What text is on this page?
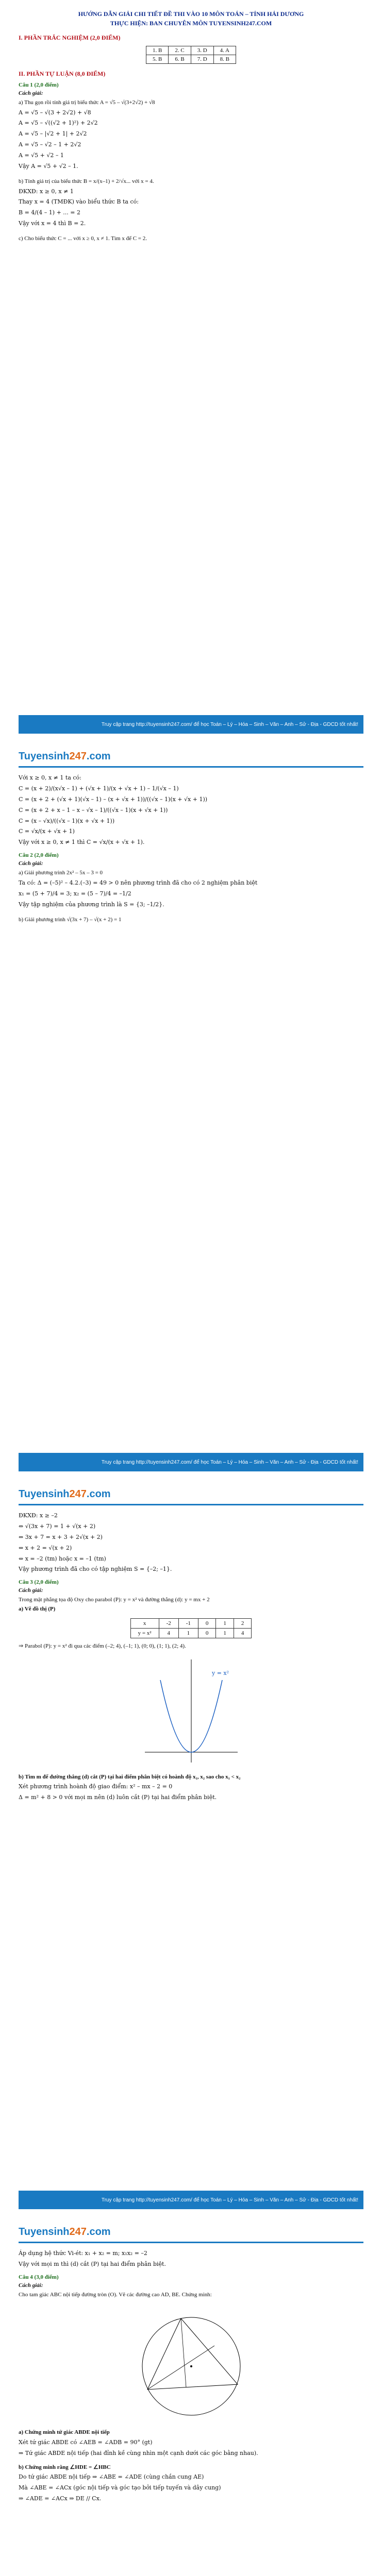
HƯỚNG DẪN GIẢI CHI TIẾT ĐỀ THI VÀO 10 MÔN TOÁN – TỈNH HẢI DƯƠNG
THỰC HIỆN: BAN CHUYÊN MÔN TUYENSINH247.COM
I. PHẦN TRẮC NGHIỆM (2,0 ĐIỂM)
1. B	2. C	3. D	4. A
5. B	6. B	7. D	8. B
II. PHẦN TỰ LUẬN (8,0 ĐIỂM)
Câu 1 (2,0 điểm)
Cách giải:
a) Thu gọn rồi tính giá trị biểu thức A = √5 – √(3+2√2) + √8
A = √5 – √(3 + 2√2) + √8
A = √5 – √((√2 + 1)²) + 2√2
A = √5 – |√2 + 1| + 2√2
A = √5 – √2 – 1 + 2√2
A = √5 + √2 – 1
Vậy A = √5 + √2 – 1.
b) Tính giá trị của biểu thức B = x/(x–1) + 2/√x... với x = 4.
ĐKXĐ: x ≥ 0, x ≠ 1
Thay x = 4 (TMĐK) vào biểu thức B ta có:
B = 4/(4 – 1) + ... = 2
Vậy với x = 4 thì B = 2.
c) Cho biểu thức C = ... với x ≥ 0, x ≠ 1. Tìm x để C = 2.
Truy cập trang http://tuyensinh247.com/ để học Toán – Lý – Hóa – Sinh – Văn – Anh – Sử - Địa - GDCD tốt nhất!
Tuyensinh247.com
Với x ≥ 0, x ≠ 1 ta có:
C = (x + 2)/(x√x – 1) + (√x + 1)/(x + √x + 1) – 1/(√x – 1)
C = (x + 2 + (√x + 1)(√x – 1) – (x + √x + 1))/((√x – 1)(x + √x + 1))
C = (x + 2 + x – 1 – x – √x – 1)/((√x – 1)(x + √x + 1))
C = (x – √x)/((√x – 1)(x + √x + 1))
C = √x/(x + √x + 1)
Vậy với x ≥ 0, x ≠ 1 thì C = √x/(x + √x + 1).
Câu 2 (2,0 điểm)
Cách giải:
a) Giải phương trình 2x² – 5x – 3 = 0
Ta có: Δ = (–5)² – 4.2.(–3) = 49 > 0 nên phương trình đã cho có 2 nghiệm phân biệt
x₁ = (5 + 7)/4 = 3; x₂ = (5 – 7)/4 = –1/2
Vậy tập nghiệm của phương trình là S = {3; –1/2}.
b) Giải phương trình √(3x + 7) – √(x + 2) = 1
Truy cập trang http://tuyensinh247.com/ để học Toán – Lý – Hóa – Sinh – Văn – Anh – Sử - Địa - GDCD tốt nhất!
Tuyensinh247.com
ĐKXĐ: x ≥ –2
⇔ √(3x + 7) = 1 + √(x + 2)
⇔ 3x + 7 = x + 3 + 2√(x + 2)
⇔ x + 2 = √(x + 2)
⇔ x = –2 (tm) hoặc x = –1 (tm)
Vậy phương trình đã cho có tập nghiệm S = {–2; –1}.
Câu 3 (2,0 điểm)
Cách giải:
Trong mặt phẳng tọa độ Oxy cho parabol (P): y = x² và đường thẳng (d): y = mx + 2
a) Vẽ đồ thị (P)
x	-2	-1	0	1	2
y = x²	4	1	0	1	4
⇒ Parabol (P): y = x² đi qua các điểm (–2; 4), (–1; 1), (0; 0), (1; 1), (2; 4).
y = x²
b) Tìm m để đường thẳng (d) cắt (P) tại hai điểm phân biệt có hoành độ x₁, x₂ sao cho x₁ < x₂
Xét phương trình hoành độ giao điểm: x² – mx – 2 = 0
Δ = m² + 8 > 0 với mọi m nên (d) luôn cắt (P) tại hai điểm phân biệt.
Truy cập trang http://tuyensinh247.com/ để học Toán – Lý – Hóa – Sinh – Văn – Anh – Sử - Địa - GDCD tốt nhất!
Tuyensinh247.com
Áp dụng hệ thức Vi-ét: x₁ + x₂ = m; x₁x₂ = –2
Vậy với mọi m thì (d) cắt (P) tại hai điểm phân biệt.
Câu 4 (3,0 điểm)
Cách giải:
Cho tam giác ABC nội tiếp đường tròn (O). Vẽ các đường cao AD, BE. Chứng minh:
a) Chứng minh tứ giác ABDE nội tiếp
Xét tứ giác ABDE có ∠AEB = ∠ADB = 90° (gt)
⇒ Tứ giác ABDE nội tiếp (hai đỉnh kề cùng nhìn một cạnh dưới các góc bằng nhau).
b) Chứng minh rằng ∠HDE = ∠HBC
Do tứ giác ABDE nội tiếp ⇒ ∠ABE = ∠ADE (cùng chắn cung AE)
Mà ∠ABE = ∠ACx (góc nội tiếp và góc tạo bởi tiếp tuyến và dây cung)
⇒ ∠ADE = ∠ACx ⇒ DE // Cx.
